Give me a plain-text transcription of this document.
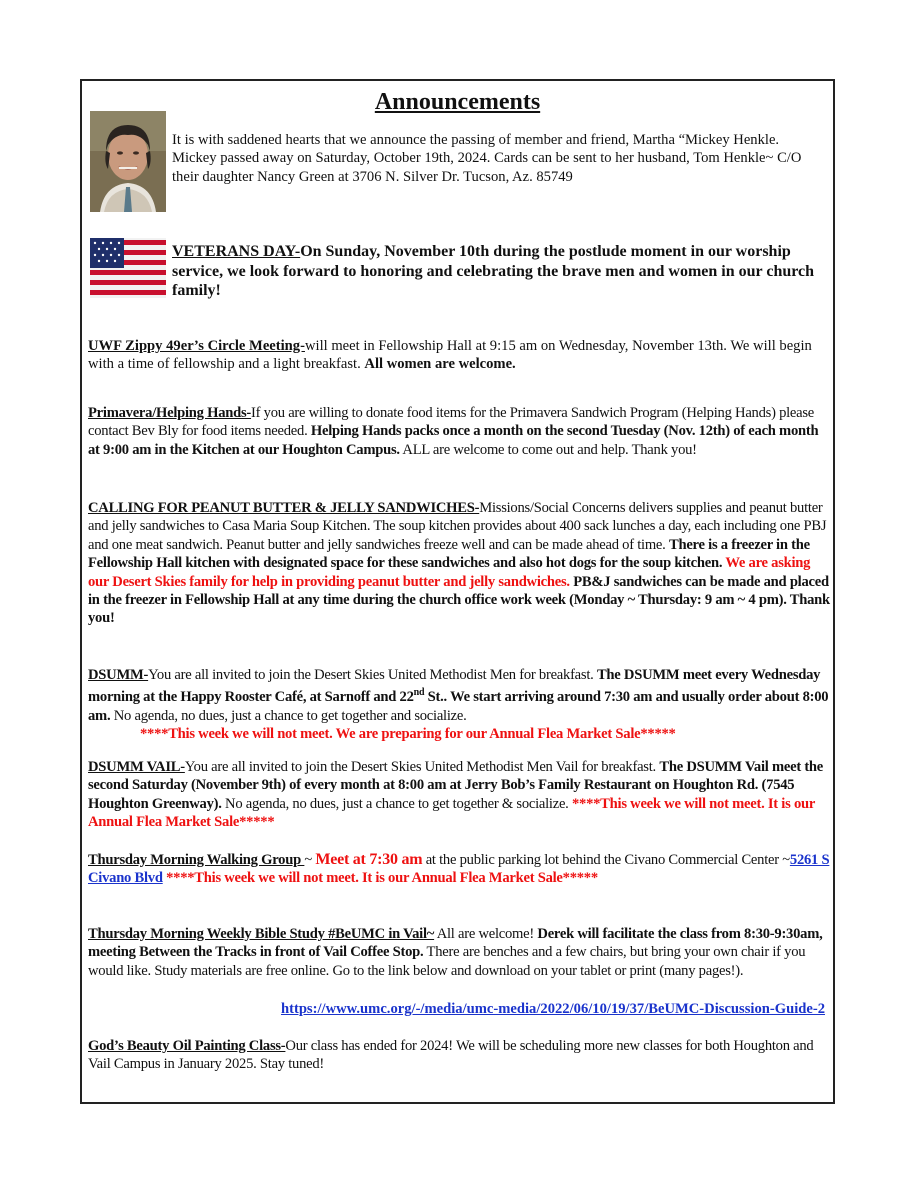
Announcements
It is with saddened hearts that we announce the passing of member and friend, Martha “Mickey Henkle. Mickey passed away on Saturday, October 19th, 2024. Cards can be sent to her husband, Tom Henkle~ C/O their daughter Nancy Green at 3706 N. Silver Dr. Tucson, Az. 85749
VETERANS DAY-On Sunday, November 10th during the postlude moment in our worship service, we look forward to honoring and celebrating the brave men and women in our church family!
UWF Zippy 49er’s Circle Meeting-will meet in Fellowship Hall at 9:15 am on Wednesday, November 13th. We will begin with a time of fellowship and a light breakfast. All women are welcome.
Primavera/Helping Hands-If you are willing to donate food items for the Primavera Sandwich Program (Helping Hands) please contact Bev Bly for food items needed. Helping Hands packs once a month on the second Tuesday (Nov. 12th) of each month at 9:00 am in the Kitchen at our Houghton Campus. ALL are welcome to come out and help. Thank you!
CALLING FOR PEANUT BUTTER & JELLY SANDWICHES-Missions/Social Concerns delivers supplies and peanut butter and jelly sandwiches to Casa Maria Soup Kitchen. The soup kitchen provides about 400 sack lunches a day, each including one PBJ and one meat sandwich. Peanut butter and jelly sandwiches freeze well and can be made ahead of time. There is a freezer in the Fellowship Hall kitchen with designated space for these sandwiches and also hot dogs for the soup kitchen. We are asking our Desert Skies family for help in providing peanut butter and jelly sandwiches. PB&J sandwiches can be made and placed in the freezer in Fellowship Hall at any time during the church office work week (Monday ~ Thursday: 9 am ~ 4 pm). Thank you!
DSUMM-You are all invited to join the Desert Skies United Methodist Men for breakfast. The DSUMM meet every Wednesday morning at the Happy Rooster Café, at Sarnoff and 22nd St.. We start arriving around 7:30 am and usually order about 8:00 am. No agenda, no dues, just a chance to get together and socialize.
****This week we will not meet. We are preparing for our Annual Flea Market Sale*****
DSUMM VAIL-You are all invited to join the Desert Skies United Methodist Men Vail for breakfast. The DSUMM Vail meet the second Saturday (November 9th) of every month at 8:00 am at Jerry Bob’s Family Restaurant on Houghton Rd. (7545 Houghton Greenway). No agenda, no dues, just a chance to get together & socialize. ****This week we will not meet. It is our Annual Flea Market Sale*****
Thursday Morning Walking Group ~ Meet at 7:30 am at the public parking lot behind the Civano Commercial Center ~5261 S Civano Blvd ****This week we will not meet. It is our Annual Flea Market Sale*****
Thursday Morning Weekly Bible Study #BeUMC in Vail~ All are welcome! Derek will facilitate the class from 8:30-9:30am, meeting Between the Tracks in front of Vail Coffee Stop. There are benches and a few chairs, but bring your own chair if you would like. Study materials are free online. Go to the link below and download on your tablet or print (many pages!).
https://www.umc.org/-/media/umc-media/2022/06/10/19/37/BeUMC-Discussion-Guide-2
God’s Beauty Oil Painting Class-Our class has ended for 2024! We will be scheduling more new classes for both Houghton and Vail Campus in January 2025. Stay tuned!
